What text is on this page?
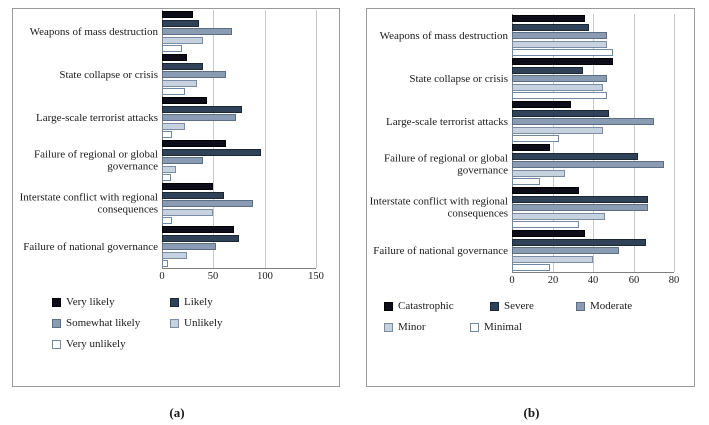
Weapons of mass destruction
State collapse or crisis
Large-scale terrorist attacks
Failure of regional or global governance
Interstate conflict with regional consequences
Failure of national governance
0	50	100	150
Very likely	Likely
Somewhat likely	Unlikely
Very unlikely
(a)
Weapons of mass destruction
State collapse or crisis
Large-scale terrorist attacks
Failure of regional or global governance
Interstate conflict with regional consequences
Failure of national governance
0	20	40	60	80
Catastrophic	Severe	Moderate
Minor	Minimal
(b)
